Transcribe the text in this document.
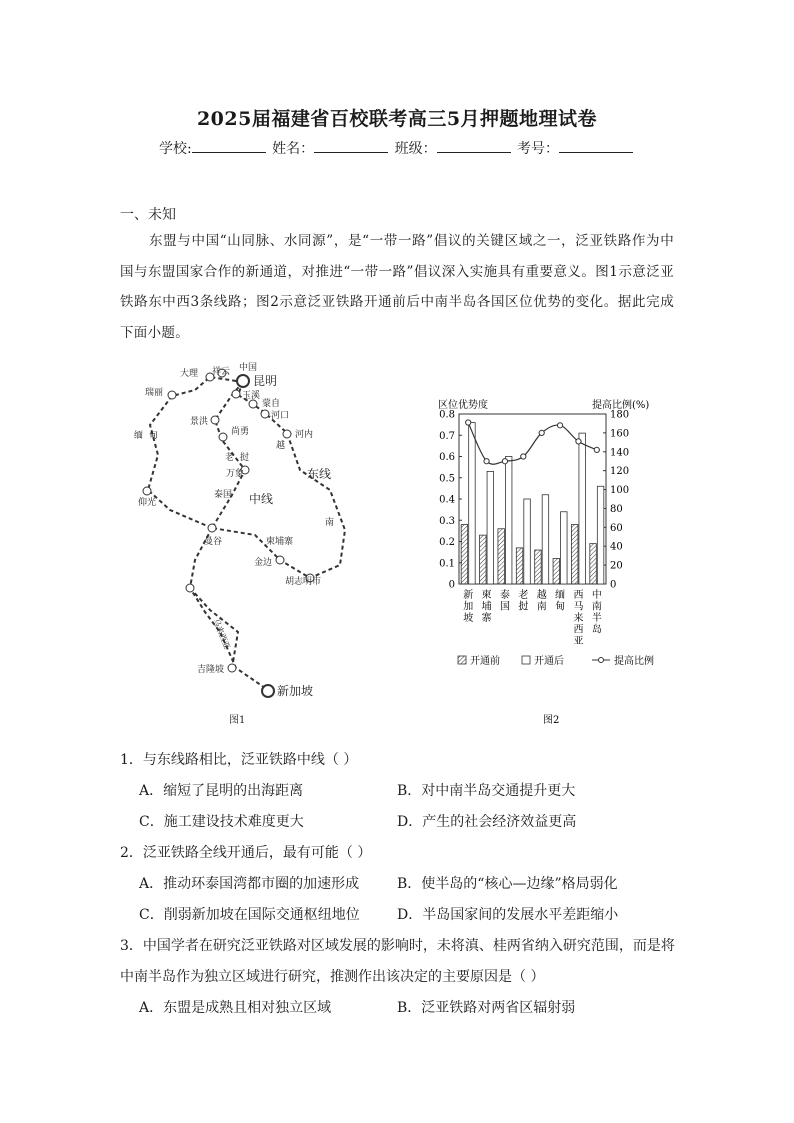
2025届福建省百校联考高三5月押题地理试卷
学校:	姓名：	班级：	考号：
一、未知
东盟与中国“山同脉、水同源”，是“一带一路”倡议的关键区域之一，泛亚铁路作为中国与东盟国家合作的新通道，对推进“一带一路”倡议深入实施具有重要意义。图1示意泛亚铁路东中西3条线路；图2示意泛亚铁路开通前后中南半岛各国区位优势的变化。据此完成下面小题。
中国
昆明
大理 祥云
瑞丽	玉溪
蒙自
河口
景洪
尚勇	河内
缅甸
老挝
万象
越
南
东线
中线
泰国
仰光
曼谷	柬埔寨
金边
胡志明市
马来西亚
吉隆坡
新加坡
图1
区位优势度	提高比例(%)
0
0.1
0.2
0.3
0.4
0.5
0.6
0.7
0.8
0
20
40
60
80
100
120
140
160
180
新加坡
柬埔寨
泰国
老挝
越南
缅甸
西马来西亚
中南半岛
开通前	开通后	提高比例
图2
1．与东线路相比，泛亚铁路中线（ ）
A．缩短了昆明的出海距离	B．对中南半岛交通提升更大
C．施工建设技术难度更大	D．产生的社会经济效益更高
2．泛亚铁路全线开通后，最有可能（ ）
A．推动环泰国湾都市圈的加速形成	B．使半岛的“核心—边缘”格局弱化
C．削弱新加坡在国际交通枢纽地位	D．半岛国家间的发展水平差距缩小
3．中国学者在研究泛亚铁路对区域发展的影响时，未将滇、桂两省纳入研究范围，而是将
中南半岛作为独立区域进行研究，推测作出该决定的主要原因是（ ）
A．东盟是成熟且相对独立区域	B．泛亚铁路对两省区辐射弱
